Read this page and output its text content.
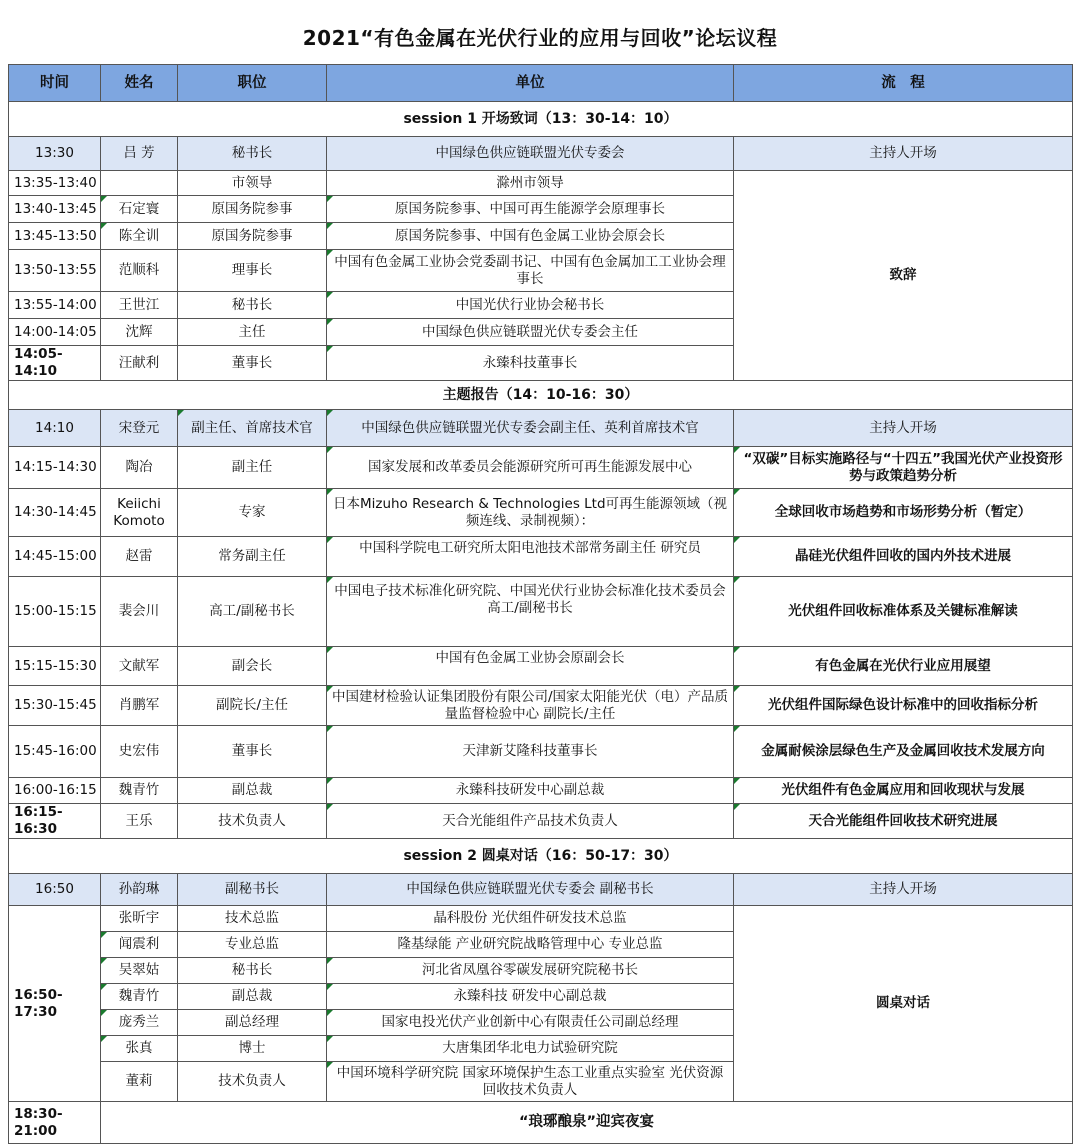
2021“有色金属在光伏行业的应用与回收”论坛议程
时间	姓名	职位	单位	流　程
session 1 开场致词（13：30-14：10）				
13:30	吕 芳	秘书长	中国绿色供应链联盟光伏专委会	主持人开场
13:35-13:40		市领导	滁州市领导	致辞
13:40-13:45	石定寰	原国务院参事	原国务院参事、中国可再生能源学会原理事长	
13:45-13:50	陈全训	原国务院参事	原国务院参事、中国有色金属工业协会原会长	
13:50-13:55	范顺科	理事长	中国有色金属工业协会党委副书记、中国有色金属加工工业协会理事长	
13:55-14:00	王世江	秘书长	中国光伏行业协会秘书长	
14:00-14:05	沈辉	主任	中国绿色供应链联盟光伏专委会主任	
14:05-14:10	汪献利	董事长	永臻科技董事长	
主题报告（14：10-16：30）				
14:10	宋登元	副主任、首席技术官	中国绿色供应链联盟光伏专委会副主任、英利首席技术官	主持人开场
14:15-14:30	陶冶	副主任	国家发展和改革委员会能源研究所可再生能源发展中心	“双碳”目标实施路径与“十四五”我国光伏产业投资形势与政策趋势分析
14:30-14:45	Keiichi Komoto	专家	日本Mizuho Research & Technologies Ltd可再生能源领域（视频连线、录制视频）：	全球回收市场趋势和市场形势分析（暂定）
14:45-15:00	赵雷	常务副主任	中国科学院电工研究所太阳电池技术部常务副主任 研究员	晶硅光伏组件回收的国内外技术进展
15:00-15:15	裴会川	高工/副秘书长	中国电子技术标准化研究院、中国光伏行业协会标准化技术委员会 高工/副秘书长	光伏组件回收标准体系及关键标准解读
15:15-15:30	文献军	副会长	中国有色金属工业协会原副会长	有色金属在光伏行业应用展望
15:30-15:45	肖鹏军	副院长/主任	中国建材检验认证集团股份有限公司/国家太阳能光伏（电）产品质量监督检验中心 副院长/主任	光伏组件国际绿色设计标准中的回收指标分析
15:45-16:00	史宏伟	董事长	天津新艾隆科技董事长	金属耐候涂层绿色生产及金属回收技术发展方向
16:00-16:15	魏青竹	副总裁	永臻科技研发中心副总裁	光伏组件有色金属应用和回收现状与发展
16:15-16:30	王乐	技术负责人	天合光能组件产品技术负责人	天合光能组件回收技术研究进展
session 2 圆桌对话（16：50-17：30）				
16:50	孙韵琳	副秘书长	中国绿色供应链联盟光伏专委会 副秘书长	主持人开场
16:50-17:30	张昕宇	技术总监	晶科股份 光伏组件研发技术总监	圆桌对话
	闻震利	专业总监	隆基绿能 产业研究院战略管理中心 专业总监	
	吴翠姑	秘书长	河北省凤凰谷零碳发展研究院秘书长	
	魏青竹	副总裁	永臻科技 研发中心副总裁	
	庞秀兰	副总经理	国家电投光伏产业创新中心有限责任公司副总经理	
	张真	博士	大唐集团华北电力试验研究院	
	董莉	技术负责人	中国环境科学研究院 国家环境保护生态工业重点实验室 光伏资源回收技术负责人	
18:30-21:00	“琅琊酿泉”迎宾夜宴			
